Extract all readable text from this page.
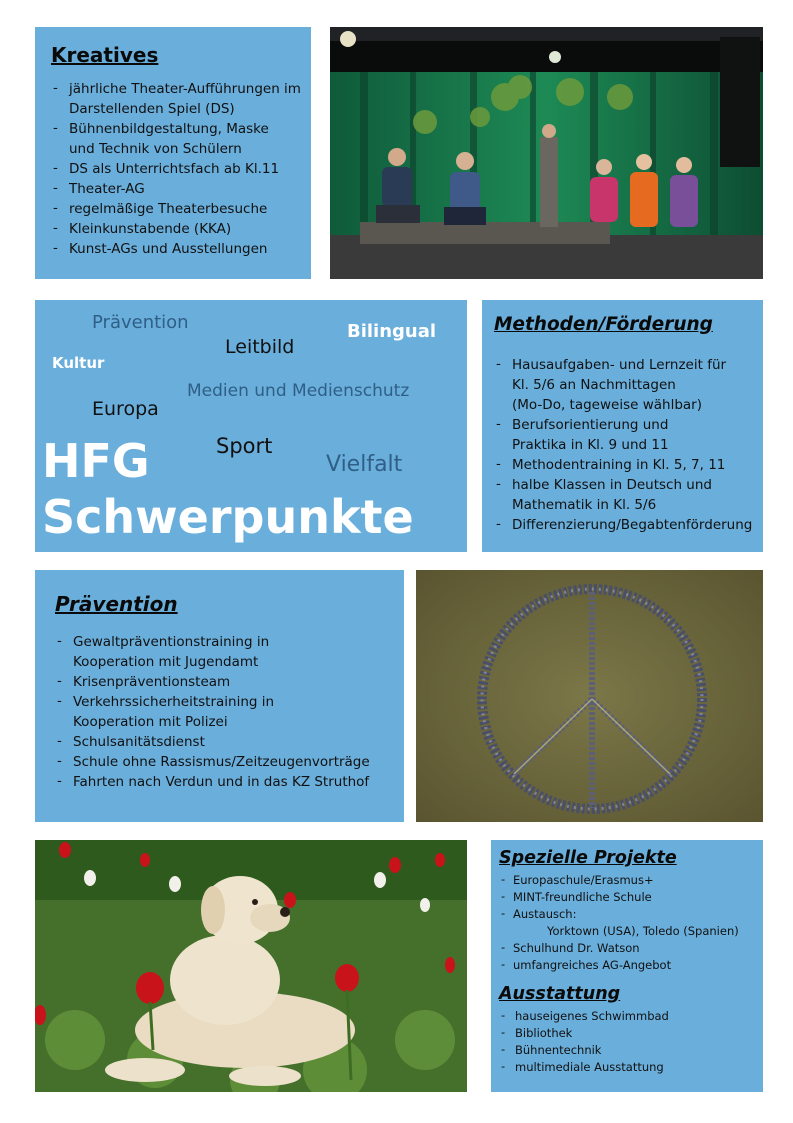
Kreatives
- jährliche Theater-Aufführungen im
Darstellenden Spiel (DS)
- Bühnenbildgestaltung, Maske
und Technik von Schülern
- DS als Unterrichtsfach ab Kl.11
- Theater-AG
- regelmäßige Theaterbesuche
- Kleinkunstabende (KKA)
- Kunst-AGs und Ausstellungen
Prävention	Bilingual
Leitbild
Kultur
Medien und Medienschutz
Europa
Sport
Vielfalt
HFG
Schwerpunkte
Methoden/Förderung
- Hausaufgaben- und Lernzeit für
Kl. 5/6 an Nachmittagen
(Mo-Do, tageweise wählbar)
- Berufsorientierung und
Praktika in Kl. 9 und 11
- Methodentraining in Kl. 5, 7, 11
- halbe Klassen in Deutsch und
Mathematik in Kl. 5/6
- Differenzierung/Begabtenförderung
Prävention
- Gewaltpräventionstraining in
Kooperation mit Jugendamt
- Krisenpräventionsteam
- Verkehrssicherheitstraining in
Kooperation mit Polizei
- Schulsanitätsdienst
- Schule ohne Rassismus/Zeitzeugenvorträge
- Fahrten nach Verdun und in das KZ Struthof
Spezielle Projekte
- Europaschule/Erasmus+
- MINT-freundliche Schule
- Austausch:
Yorktown (USA), Toledo (Spanien)
- Schulhund Dr. Watson
- umfangreiches AG-Angebot
Ausstattung
- hauseigenes Schwimmbad
- Bibliothek
- Bühnentechnik
- multimediale Ausstattung
